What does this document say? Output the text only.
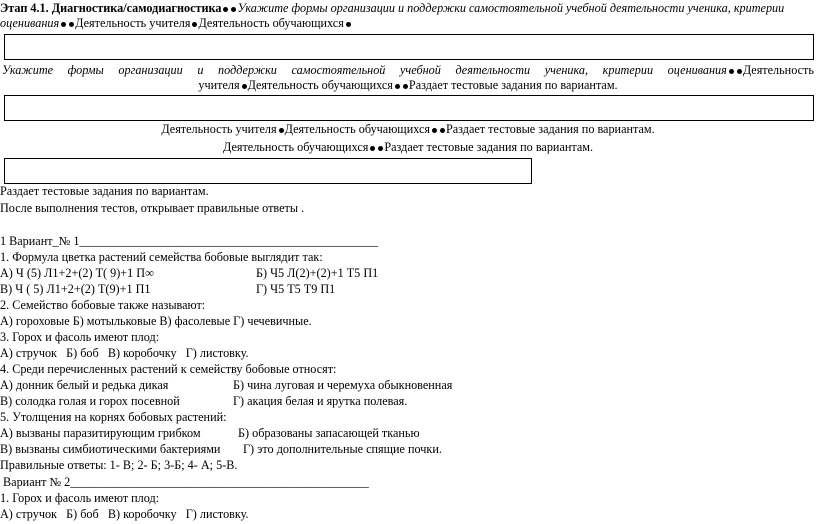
Этап 4.1. Диагностика/самодиагностика Укажите формы организации и поддержки самостоятельной учебной деятельности ученика, критерии
оценивания Деятельность учителя Деятельность обучающихся
Укажите формы организации и поддержки самостоятельной учебной деятельности ученика, критерии оценивания Деятельность
учителя Деятельность обучающихся Раздает тестовые задания по вариантам.
Деятельность учителя Деятельность обучающихся Раздает тестовые задания по вариантам.
Деятельность обучающихся Раздает тестовые задания по вариантам.
Раздает тестовые задания по вариантам.
После выполнения тестов, открывает правильные ответы .
1 Вариант_№ 1_________________________________________________
1. Формула цветка растений семейства бобовые выглядит так:
А) Ч (5) Л1+2+(2) Т( 9)+1 П∞	Б) Ч5 Л(2)+(2)+1 Т5 П1
В) Ч ( 5) Л1+2+(2) Т(9)+1 П1	Г) Ч5 Т5 Т9 П1
2. Семейство бобовые также называют:
А) гороховые Б) мотыльковые В) фасолевые Г) чечевичные.
3. Горох и фасоль имеют плод:
А) стручок   Б) боб   В) коробочку   Г) листовку.
4. Среди перечисленных растений к семейству бобовые относят:
А) донник белый и редька дикая	Б) чина луговая и черемуха обыкновенная
В) солодка голая и горох посевной	Г) акация белая и ярутка полевая.
5. Утолщения на корнях бобовых растений:
А) вызваны паразитирующим грибком	Б) образованы запасающей тканью
В) вызваны симбиотическими бактериями Г) это дополнительные спящие почки.
Правильные ответы: 1- В; 2- Б; 3-Б; 4- А; 5-В.
Вариант № 2_________________________________________________
1. Горох и фасоль имеют плод:
А) стручок   Б) боб   В) коробочку   Г) листовку.
